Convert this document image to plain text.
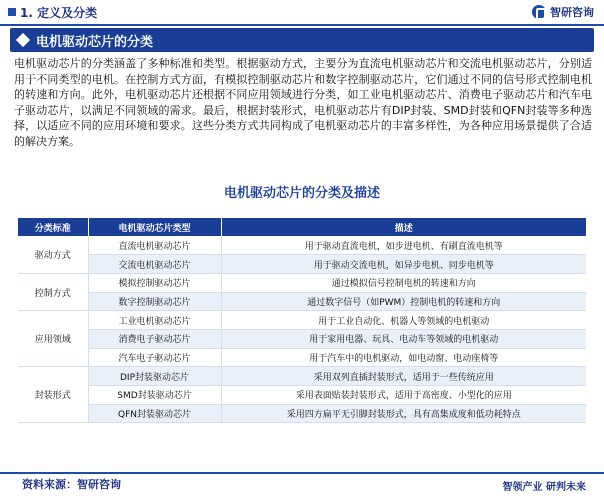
1. 定义及分类	智研咨询
电机驱动芯片的分类

电机驱动芯片的分类涵盖了多种标准和类型。根据驱动方式，主要分为直流电机驱动芯片和交流电机驱动芯片，分别适用于不同类型的电机。在控制方式方面，有模拟控制驱动芯片和数字控制驱动芯片，它们通过不同的信号形式控制电机的转速和方向。此外，电机驱动芯片还根据不同应用领域进行分类，如工业电机驱动芯片、消费电子驱动芯片和汽车电子驱动芯片，以满足不同领域的需求。最后，根据封装形式，电机驱动芯片有DIP封装、SMD封装和QFN封装等多种选择，以适应不同的应用环境和要求。这些分类方式共同构成了电机驱动芯片的丰富多样性，为各种应用场景提供了合适的解决方案。

电机驱动芯片的分类及描述
分类标准	电机驱动芯片类型	描述
驱动方式	直流电机驱动芯片	用于驱动直流电机，如步进电机、有刷直流电机等
	交流电机驱动芯片	用于驱动交流电机，如异步电机、同步电机等
控制方式	模拟控制驱动芯片	通过模拟信号控制电机的转速和方向
	数字控制驱动芯片	通过数字信号（如PWM）控制电机的转速和方向
应用领域	工业电机驱动芯片	用于工业自动化、机器人等领域的电机驱动
	消费电子驱动芯片	用于家用电器、玩具、电动车等领域的电机驱动
	汽车电子驱动芯片	用于汽车中的电机驱动，如电动窗、电动座椅等
封装形式	DIP封装驱动芯片	采用双列直插封装形式，适用于一些传统应用
	SMD封装驱动芯片	采用表面贴装封装形式，适用于高密度、小型化的应用
	QFN封装驱动芯片	采用四方扁平无引脚封装形式，具有高集成度和低功耗特点
资料来源：智研咨询	智领产业 研判未来
